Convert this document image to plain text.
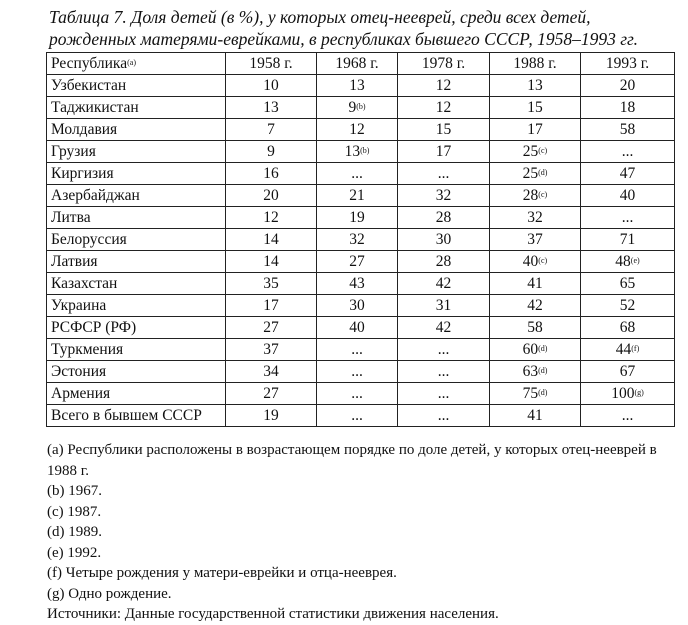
Таблица 7. Доля детей (в %), у которых отец-нееврей, среди всех детей,
рожденных матерями-еврейками, в республиках бывшего СССР, 1958–1993 гг.
Республика$^{(a)}$	1958 г.	1968 г.	1978 г.	1988 г.	1993 г.
Узбекистан	10	13	12	13	20
Таджикистан	13	9$^{(b)}$	12	15	18
Молдавия	7	12	15	17	58
Грузия	9	13$^{(b)}$	17	25$^{(c)}$	...
Киргизия	16	...	...	25$^{(d)}$	47
Азербайджан	20	21	32	28$^{(c)}$	40
Литва	12	19	28	32	...
Белоруссия	14	32	30	37	71
Латвия	14	27	28	40$^{(c)}$	48$^{(e)}$
Казахстан	35	43	42	41	65
Украина	17	30	31	42	52
РСФСР (РФ)	27	40	42	58	68
Туркмения	37	...	...	60$^{(d)}$	44$^{(f)}$
Эстония	34	...	...	63$^{(d)}$	67
Армения	27	...	...	75$^{(d)}$	100$^{(g)}$
Всего в бывшем СССР	19	...	...	41	...
(a) Республики расположены в возрастающем порядке по доле детей, у которых отец-нееврей в 1988 г.
(b) 1967.
(c) 1987.
(d) 1989.
(e) 1992.
(f) Четыре рождения у матери-еврейки и отца-нееврея.
(g) Одно рождение.
Источники: Данные государственной статистики движения населения.
